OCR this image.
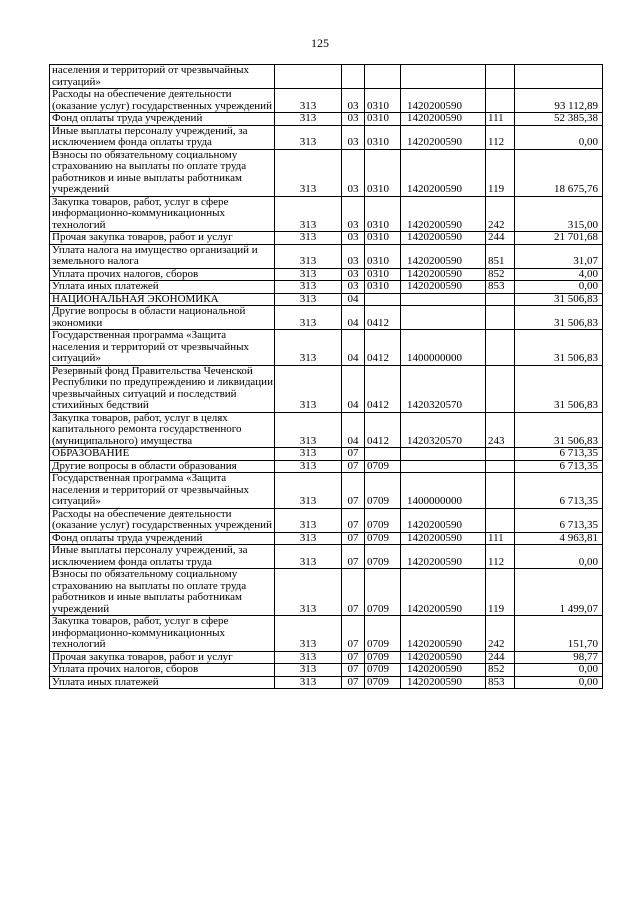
125
населения и территорий от чрезвычайных ситуаций»						
Расходы на обеспечение деятельности (оказание услуг) государственных учреждений	313	03	0310	1420200590		93 112,89
Фонд оплаты труда учреждений	313	03	0310	1420200590	111	52 385,38
Иные выплаты персоналу учреждений, за исключением фонда оплаты труда	313	03	0310	1420200590	112	0,00
Взносы по обязательному социальному страхованию на выплаты по оплате труда работников и иные выплаты работникам учреждений	313	03	0310	1420200590	119	18 675,76
Закупка товаров, работ, услуг в сфере информационно-коммуникационных технологий	313	03	0310	1420200590	242	315,00
Прочая закупка товаров, работ и услуг	313	03	0310	1420200590	244	21 701,68
Уплата налога на имущество организаций и земельного налога	313	03	0310	1420200590	851	31,07
Уплата прочих налогов, сборов	313	03	0310	1420200590	852	4,00
Уплата иных платежей	313	03	0310	1420200590	853	0,00
НАЦИОНАЛЬНАЯ ЭКОНОМИКА	313	04				31 506,83
Другие вопросы в области национальной экономики	313	04	0412			31 506,83
Государственная программа «Защита населения и территорий от чрезвычайных ситуаций»	313	04	0412	1400000000		31 506,83
Резервный фонд Правительства Чеченской Республики по предупреждению и ликвидации чрезвычайных ситуаций и последствий стихийных бедствий	313	04	0412	1420320570		31 506,83
Закупка товаров, работ, услуг в целях капитального ремонта государственного (муниципального) имущества	313	04	0412	1420320570	243	31 506,83
ОБРАЗОВАНИЕ	313	07				6 713,35
Другие вопросы в области образования	313	07	0709			6 713,35
Государственная программа «Защита населения и территорий от чрезвычайных ситуаций»	313	07	0709	1400000000		6 713,35
Расходы на обеспечение деятельности (оказание услуг) государственных учреждений	313	07	0709	1420200590		6 713,35
Фонд оплаты труда учреждений	313	07	0709	1420200590	111	4 963,81
Иные выплаты персоналу учреждений, за исключением фонда оплаты труда	313	07	0709	1420200590	112	0,00
Взносы по обязательному социальному страхованию на выплаты по оплате труда работников и иные выплаты работникам учреждений	313	07	0709	1420200590	119	1 499,07
Закупка товаров, работ, услуг в сфере информационно-коммуникационных технологий	313	07	0709	1420200590	242	151,70
Прочая закупка товаров, работ и услуг	313	07	0709	1420200590	244	98,77
Уплата прочих налогов, сборов	313	07	0709	1420200590	852	0,00
Уплата иных платежей	313	07	0709	1420200590	853	0,00
